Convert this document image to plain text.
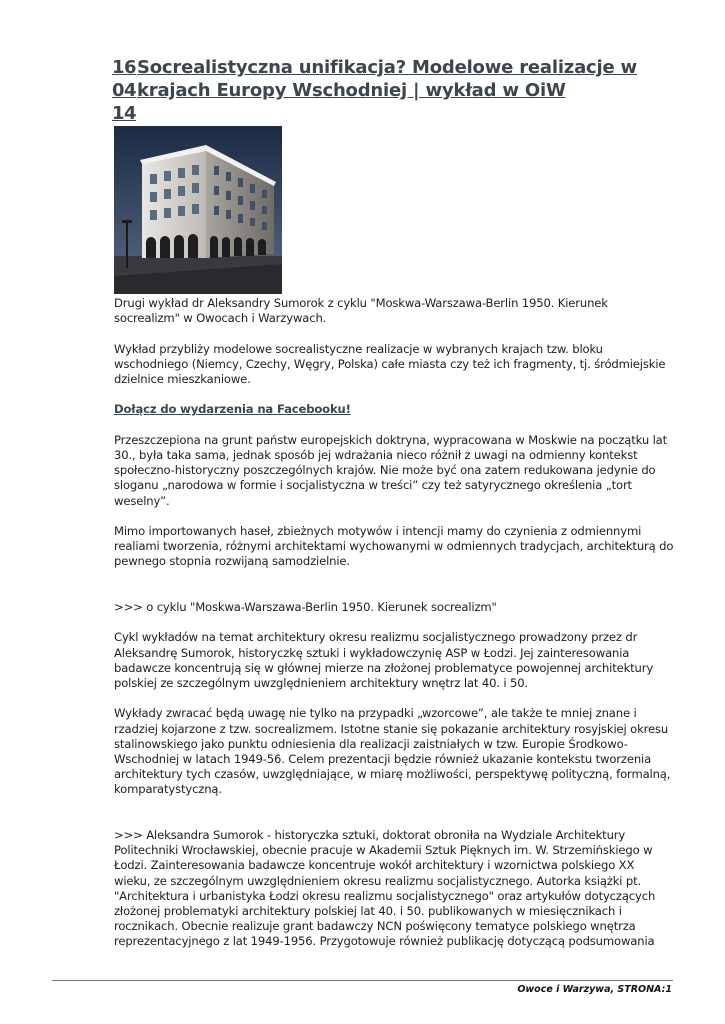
16
04
14
Socrealistyczna unifikacja? Modelowe realizacje w krajach Europy Wschodniej | wykład w OiW

Drugi wykład dr Aleksandry Sumorok z cyklu "Moskwa-Warszawa-Berlin 1950. Kierunek socrealizm" w Owocach i Warzywach.

Wykład przybliży modelowe socrealistyczne realizacje w wybranych krajach tzw. bloku wschodniego (Niemcy, Czechy, Węgry, Polska) całe miasta czy też ich fragmenty, tj. śródmiejskie dzielnice mieszkaniowe.

Dołącz do wydarzenia na Facebooku!

Przeszczepiona na grunt państw europejskich doktryna, wypracowana w Moskwie na początku lat 30., była taka sama, jednak sposób jej wdrażania nieco różnił z uwagi na odmienny kontekst społeczno-historyczny poszczególnych krajów. Nie może być ona zatem redukowana jedynie do sloganu „narodowa w formie i socjalistyczna w treści” czy też satyrycznego określenia „tort weselny”.

Mimo importowanych haseł, zbieżnych motywów i intencji mamy do czynienia z odmiennymi realiami tworzenia, różnymi architektami wychowanymi w odmiennych tradycjach, architekturą do pewnego stopnia rozwijaną samodzielnie.

>>> o cyklu "Moskwa-Warszawa-Berlin 1950. Kierunek socrealizm"

Cykl wykładów na temat architektury okresu realizmu socjalistycznego prowadzony przez dr Aleksandrę Sumorok, historyczkę sztuki i wykładowczynię ASP w Łodzi. Jej zainteresowania badawcze koncentrują się w głównej mierze na złożonej problematyce powojennej architektury polskiej ze szczególnym uwzględnieniem architektury wnętrz lat 40. i 50.

Wykłady zwracać będą uwagę nie tylko na przypadki „wzorcowe”, ale także te mniej znane i rzadziej kojarzone z tzw. socrealizmem. Istotne stanie się pokazanie architektury rosyjskiej okresu stalinowskiego jako punktu odniesienia dla realizacji zaistniałych w tzw. Europie Środkowo-Wschodniej w latach 1949-56. Celem prezentacji będzie również ukazanie kontekstu tworzenia architektury tych czasów, uwzględniające, w miarę możliwości, perspektywę polityczną, formalną, komparatystyczną.

>>> Aleksandra Sumorok - historyczka sztuki, doktorat obroniła na Wydziale Architektury Politechniki Wrocławskiej, obecnie pracuje w Akademii Sztuk Pięknych im. W. Strzemińskiego w Łodzi. Zainteresowania badawcze koncentruje wokół architektury i wzornictwa polskiego XX wieku, ze szczególnym uwzględnieniem okresu realizmu socjalistycznego. Autorka książki pt. "Architektura i urbanistyka Łodzi okresu realizmu socjalistycznego" oraz artykułów dotyczących złożonej problematyki architektury polskiej lat 40. i 50. publikowanych w miesięcznikach i rocznikach. Obecnie realizuje grant badawczy NCN poświęcony tematyce polskiego wnętrza reprezentacyjnego z lat 1949-1956. Przygotowuje również publikację dotyczącą podsumowania

Owoce i Warzywa, STRONA:1
